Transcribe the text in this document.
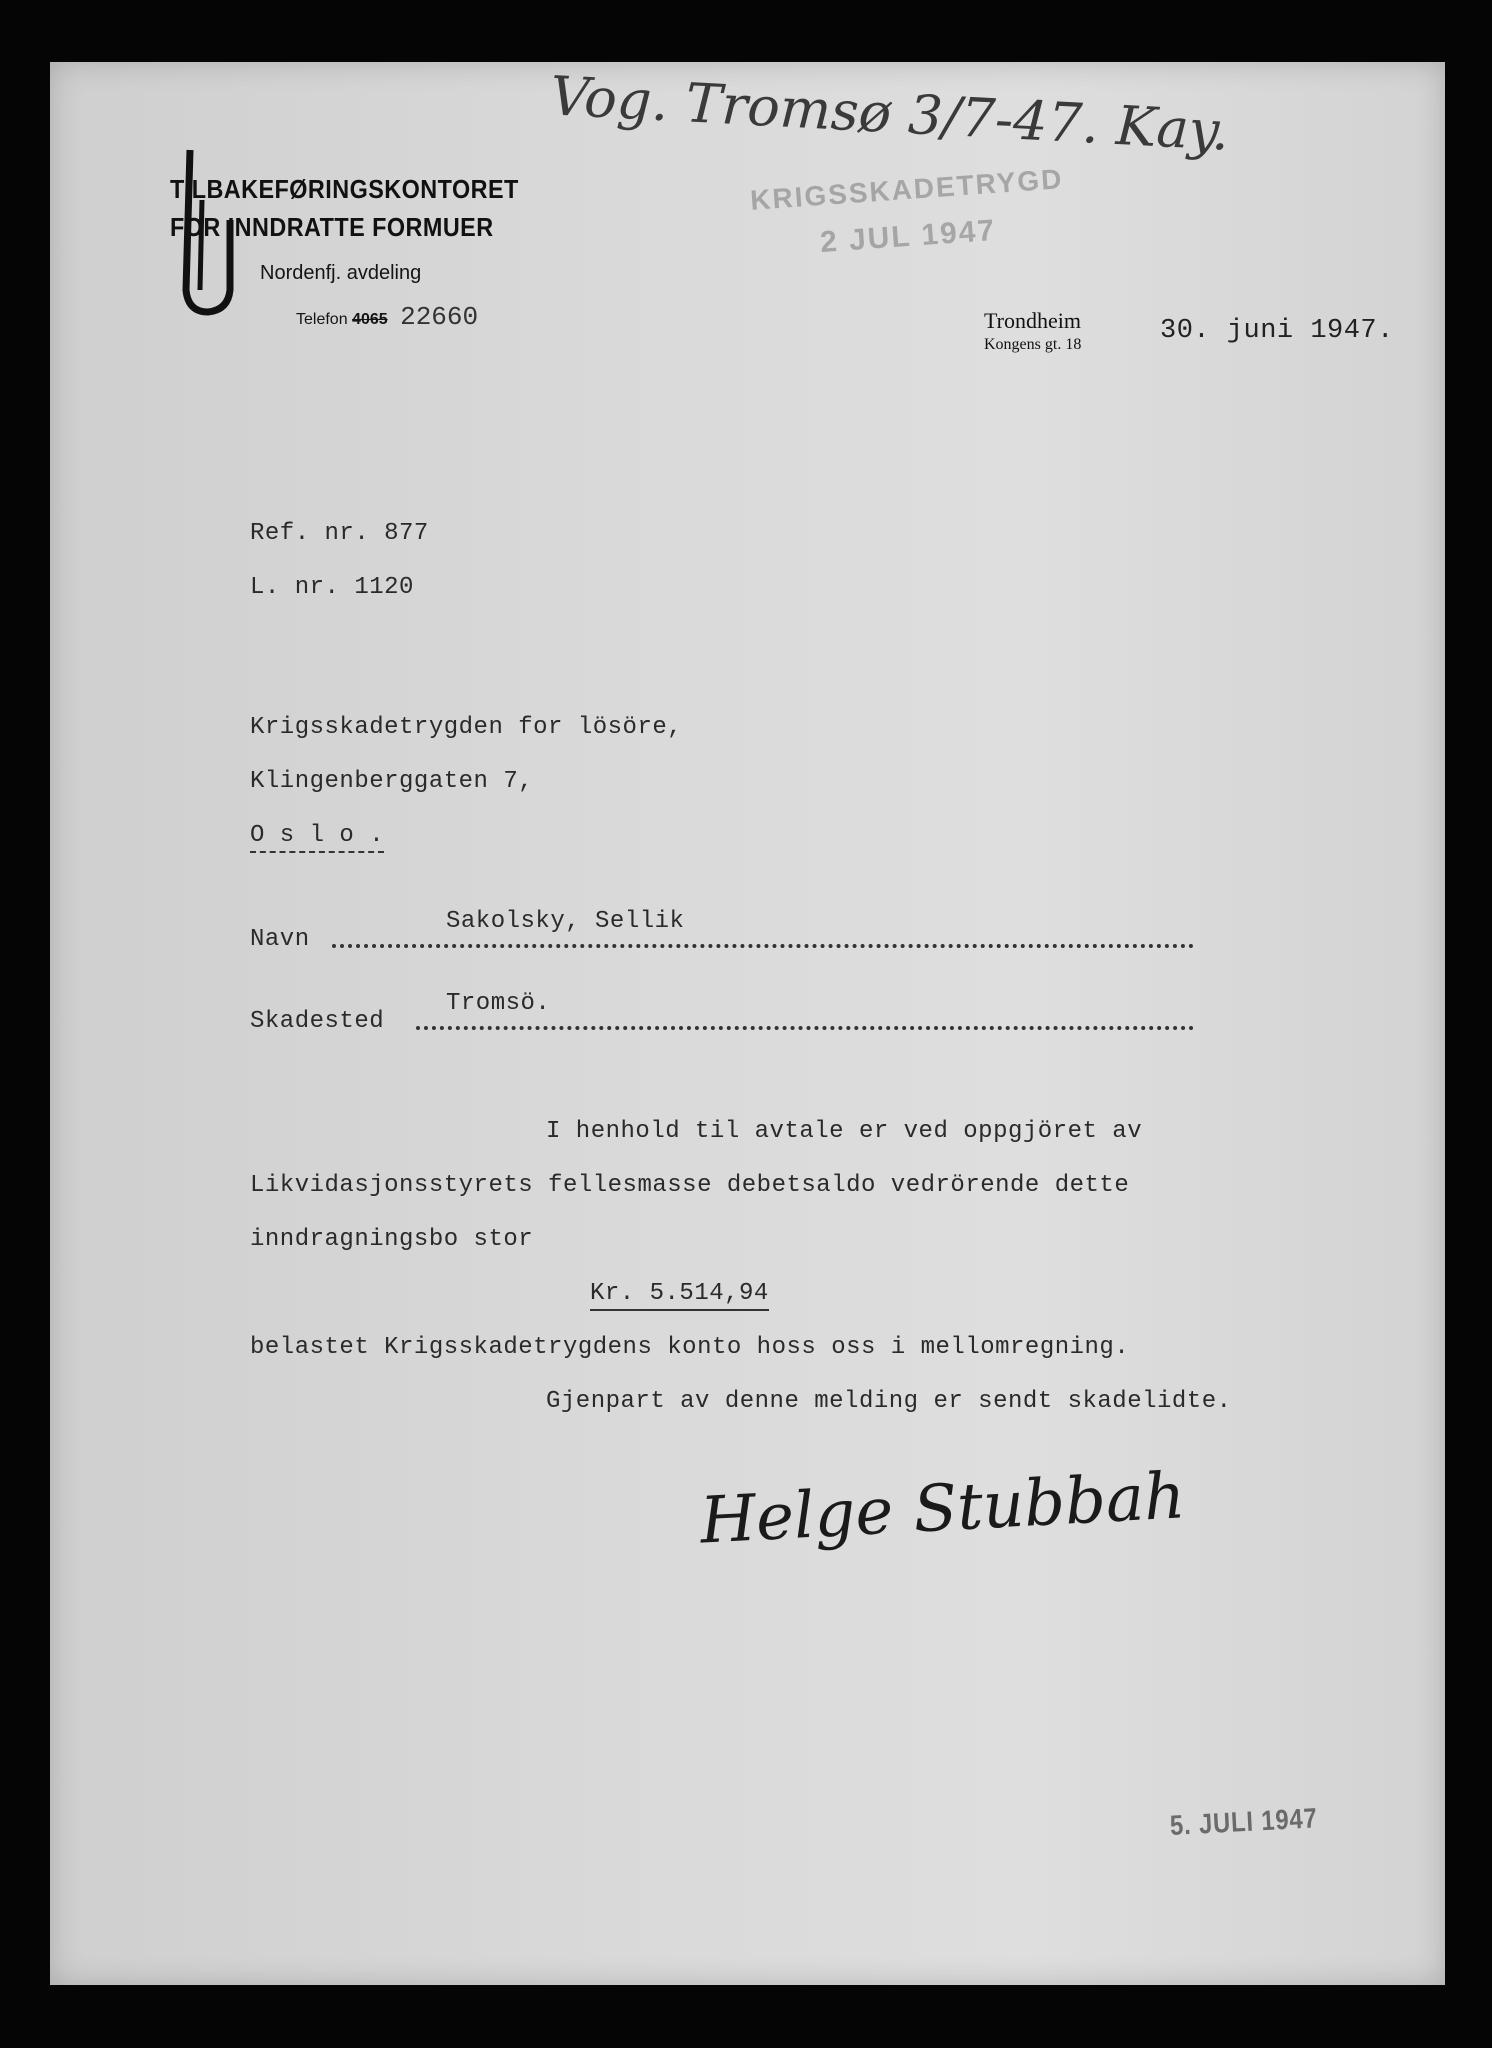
TILBAKEFØRINGSKONTORET
FOR INNDRATTE FORMUER
Nordenfj. avdeling
Telefon 4065 22660
Vog. Tromsø 3/7-47. Kay.
KRIGSSKADETRYGD
2 JUL 1947
Trondheim
Kongens gt. 18	30. juni 1947.
Ref. nr. 877
L. nr. 1120
Krigsskadetrygden for lösöre,
Klingenberggaten 7,
O s l o .
Navn
Sakolsky, Sellik
Skadested
Tromsö.
I henhold til avtale er ved oppgjöret av
Likvidasjonsstyrets fellesmasse debetsaldo vedrörende dette
inndragningsbo stor
Kr. 5.514,94
belastet Krigsskadetrygdens konto hoss oss i mellomregning.
Gjenpart av denne melding er sendt skadelidte.
Helge Stubbah
5. JULI 1947
